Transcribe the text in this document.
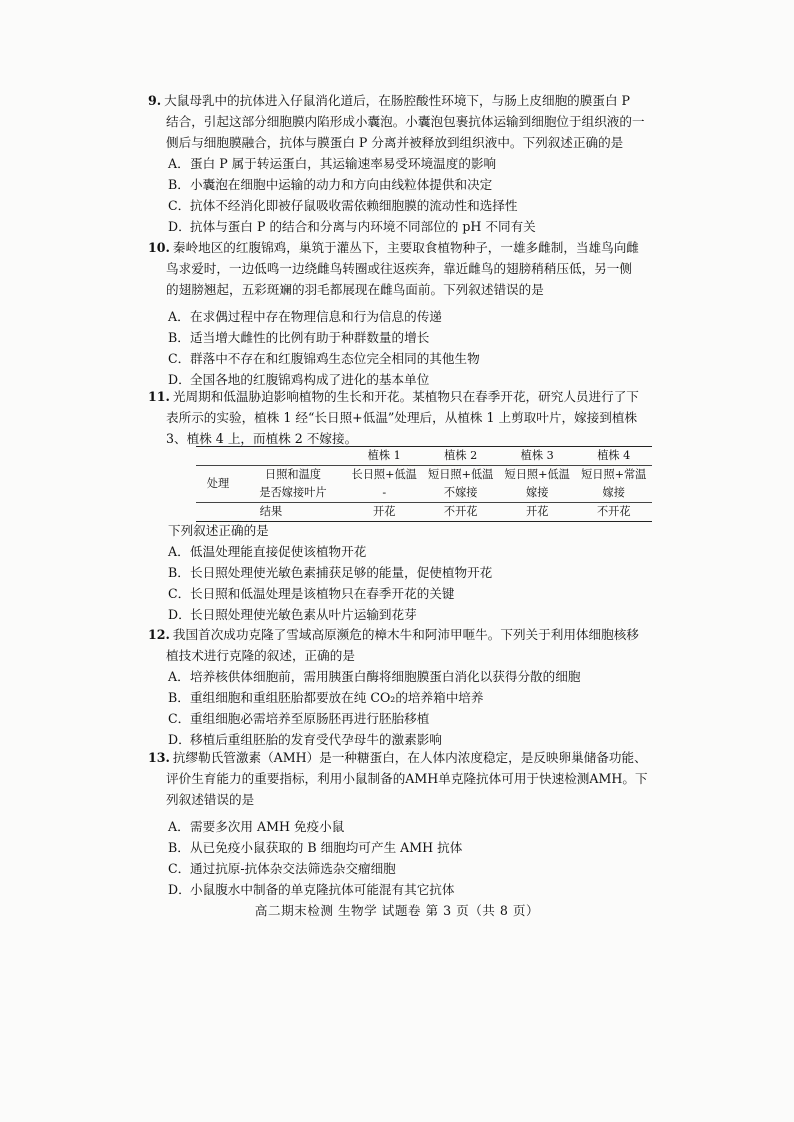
9. 大鼠母乳中的抗体进入仔鼠消化道后，在肠腔酸性环境下，与肠上皮细胞的膜蛋白 P
结合，引起这部分细胞膜内陷形成小囊泡。小囊泡包裹抗体运输到细胞位于组织液的一
侧后与细胞膜融合，抗体与膜蛋白 P 分离并被释放到组织液中。下列叙述正确的是

A．蛋白 P 属于转运蛋白，其运输速率易受环境温度的影响

B．小囊泡在细胞中运输的动力和方向由线粒体提供和决定

C．抗体不经消化即被仔鼠吸收需依赖细胞膜的流动性和选择性

D．抗体与蛋白 P 的结合和分离与内环境不同部位的 pH 不同有关

10. 秦岭地区的红腹锦鸡，巢筑于灌丛下，主要取食植物种子，一雄多雌制，当雄鸟向雌
鸟求爱时，一边低鸣一边绕雌鸟转圈或往返疾奔，靠近雌鸟的翅膀稍稍压低，另一侧
的翅膀翘起，五彩斑斓的羽毛都展现在雌鸟面前。下列叙述错误的是

A．在求偶过程中存在物理信息和行为信息的传递

B．适当增大雌性的比例有助于种群数量的增长

C．群落中不存在和红腹锦鸡生态位完全相同的其他生物

D．全国各地的红腹锦鸡构成了进化的基本单位

11. 光周期和低温胁迫影响植物的生长和开花。某植物只在春季开花，研究人员进行了下
表所示的实验，植株 1 经“长日照+低温”处理后，从植株 1 上剪取叶片，嫁接到植株
3、植株 4 上，而植株 2 不嫁接。

		植株 1	植株 2	植株 3	植株 4
处理	日照和温度	长日照+低温	短日照+低温	短日照+低温	短日照+常温
	是否嫁接叶片	-	不嫁接	嫁接	嫁接
结果		开花	不开花	开花	不开花

下列叙述正确的是

A．低温处理能直接促使该植物开花

B．长日照处理使光敏色素捕获足够的能量，促使植物开花

C．长日照和低温处理是该植物只在春季开花的关键

D．长日照处理使光敏色素从叶片运输到花芽

12. 我国首次成功克隆了雪域高原濒危的樟木牛和阿沛甲咂牛。下列关于利用体细胞核移
植技术进行克隆的叙述，正确的是

A．培养核供体细胞前，需用胰蛋白酶将细胞膜蛋白消化以获得分散的细胞

B．重组细胞和重组胚胎都要放在纯 CO₂的培养箱中培养

C．重组细胞必需培养至原肠胚再进行胚胎移植

D．移植后重组胚胎的发育受代孕母牛的激素影响

13. 抗缪勒氏管激素（AMH）是一种糖蛋白，在人体内浓度稳定，是反映卵巢储备功能、
评价生育能力的重要指标，利用小鼠制备的AMH单克隆抗体可用于快速检测AMH。下
列叙述错误的是

A．需要多次用 AMH 免疫小鼠

B．从已免疫小鼠获取的 B 细胞均可产生 AMH 抗体

C．通过抗原-抗体杂交法筛选杂交瘤细胞

D．小鼠腹水中制备的单克隆抗体可能混有其它抗体

高二期末检测 生物学 试题卷 第 3 页（共 8 页）
